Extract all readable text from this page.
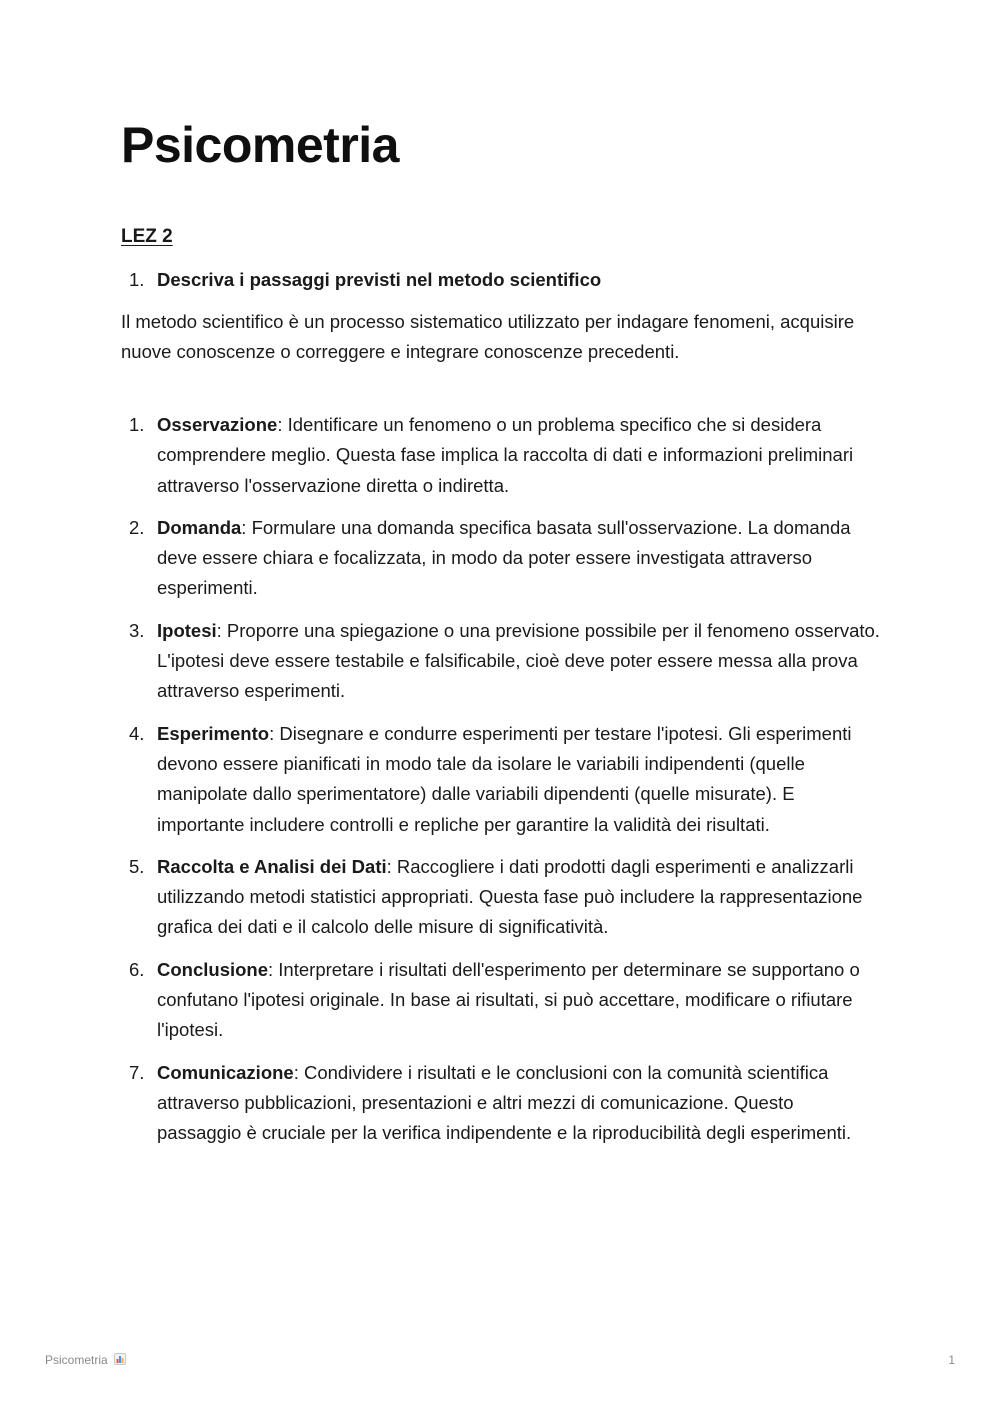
Psicometria
LEZ 2
1. Descriva i passaggi previsti nel metodo scientifico

Il metodo scientifico è un processo sistematico utilizzato per indagare fenomeni, acquisire nuove conoscenze o correggere e integrare conoscenze precedenti.

1. Osservazione: Identificare un fenomeno o un problema specifico che si desidera comprendere meglio. Questa fase implica la raccolta di dati e informazioni preliminari attraverso l'osservazione diretta o indiretta.
2. Domanda: Formulare una domanda specifica basata sull'osservazione. La domanda deve essere chiara e focalizzata, in modo da poter essere investigata attraverso esperimenti.
3. Ipotesi: Proporre una spiegazione o una previsione possibile per il fenomeno osservato. L'ipotesi deve essere testabile e falsificabile, cioè deve poter essere messa alla prova attraverso esperimenti.
4. Esperimento: Disegnare e condurre esperimenti per testare l'ipotesi. Gli esperimenti devono essere pianificati in modo tale da isolare le variabili indipendenti (quelle manipolate dallo sperimentatore) dalle variabili dipendenti (quelle misurate). E importante includere controlli e repliche per garantire la validità dei risultati.
5. Raccolta e Analisi dei Dati: Raccogliere i dati prodotti dagli esperimenti e analizzarli utilizzando metodi statistici appropriati. Questa fase può includere la rappresentazione grafica dei dati e il calcolo delle misure di significatività.
6. Conclusione: Interpretare i risultati dell'esperimento per determinare se supportano o confutano l'ipotesi originale. In base ai risultati, si può accettare, modificare o rifiutare l'ipotesi.
7. Comunicazione: Condividere i risultati e le conclusioni con la comunità scientifica attraverso pubblicazioni, presentazioni e altri mezzi di comunicazione. Questo passaggio è cruciale per la verifica indipendente e la riproducibilità degli esperimenti.
Psicometria	1
